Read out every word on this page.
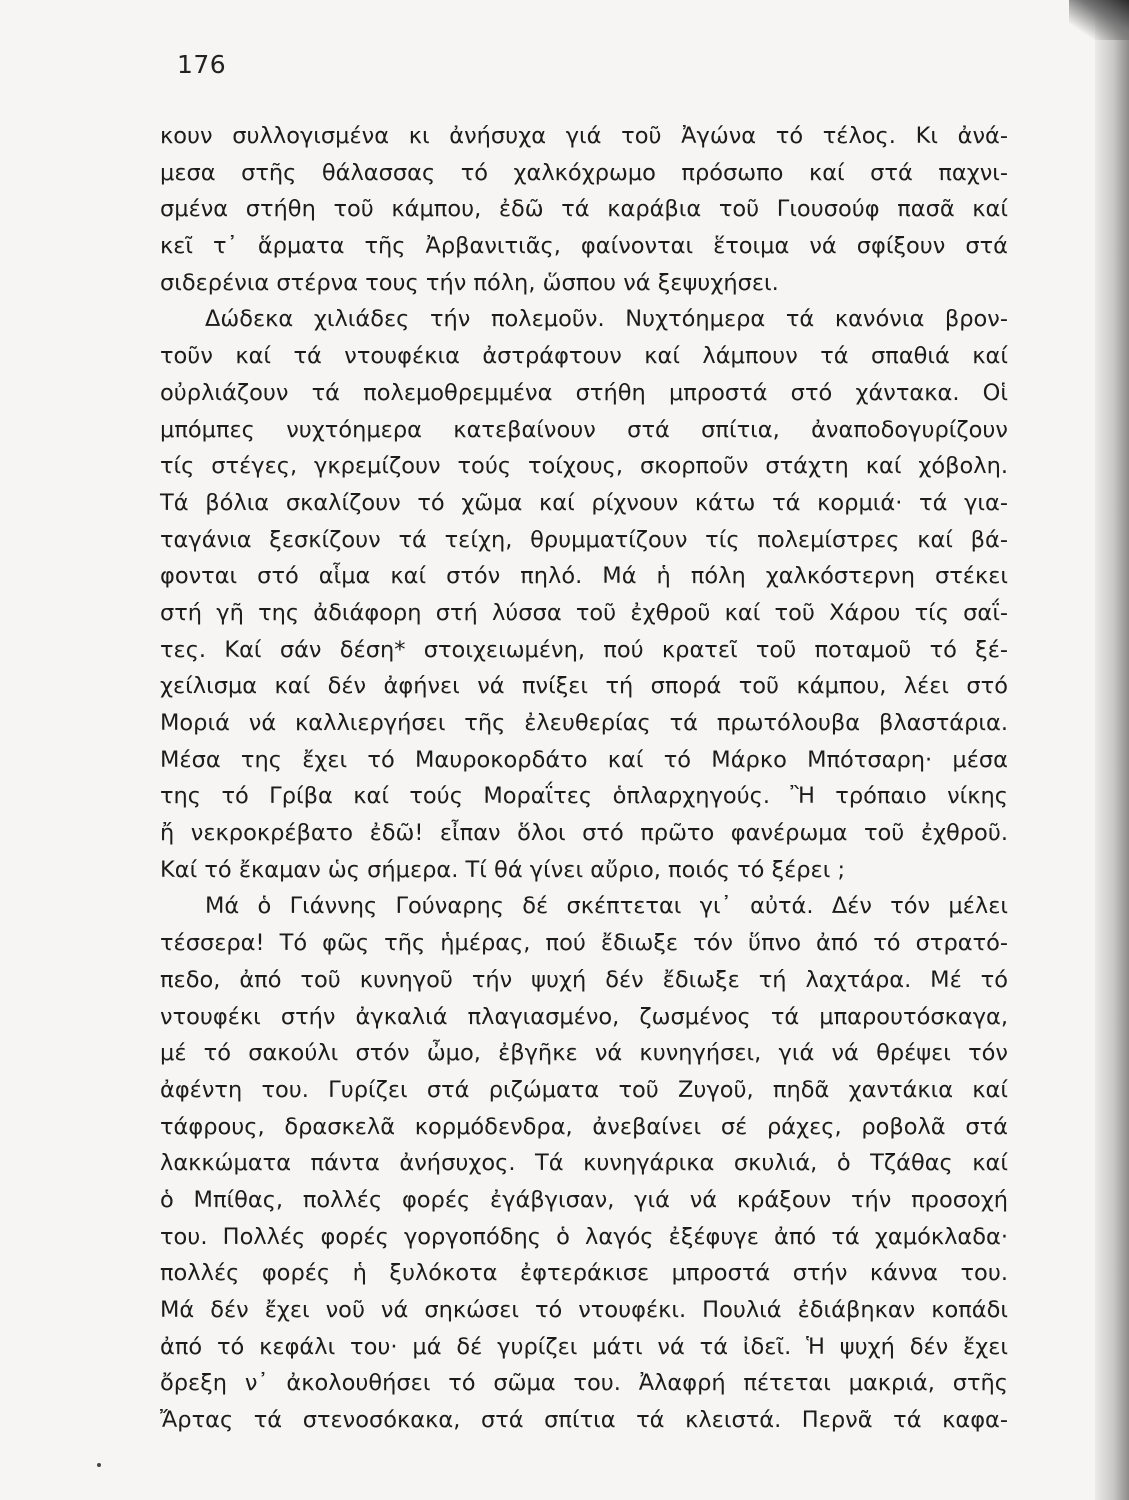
176
κουν συλλογισμένα κι ἀνήσυχα γιά τοῦ Ἀγώνα τό τέλος. Κι ἀνά-
μεσα στῆς θάλασσας τό χαλκόχρωμο πρόσωπο καί στά παχνι-
σμένα στήθη τοῦ κάμπου, ἐδῶ τά καράβια τοῦ Γιουσούφ πασᾶ καί
κεῖ τ᾽ ἅρματα τῆς Ἀρβανιτιᾶς, φαίνονται ἕτοιμα νά σφίξουν στά
σιδερένια στέρνα τους τήν πόλη, ὥσπου νά ξεψυχήσει.
Δώδεκα χιλιάδες τήν πολεμοῦν. Νυχτόημερα τά κανόνια βρον-
τοῦν καί τά ντουφέκια ἀστράφτουν καί λάμπουν τά σπαθιά καί
οὐρλιάζουν τά πολεμοθρεμμένα στήθη μπροστά στό χάντακα. Οἱ
μπόμπες νυχτόημερα κατεβαίνουν στά σπίτια, ἀναποδογυρίζουν
τίς στέγες, γκρεμίζουν τούς τοίχους, σκορποῦν στάχτη καί χόβολη.
Τά βόλια σκαλίζουν τό χῶμα καί ρίχνουν κάτω τά κορμιά· τά για-
ταγάνια ξεσκίζουν τά τείχη, θρυμματίζουν τίς πολεμίστρες καί βά-
φονται στό αἷμα καί στόν πηλό. Μά ἡ πόλη χαλκόστερνη στέκει
στή γῆ της ἀδιάφορη στή λύσσα τοῦ ἐχθροῦ καί τοῦ Χάρου τίς σαΐ-
τες. Καί σάν δέση* στοιχειωμένη, πού κρατεῖ τοῦ ποταμοῦ τό ξέ-
χείλισμα καί δέν ἀφήνει νά πνίξει τή σπορά τοῦ κάμπου, λέει στό
Μοριά νά καλλιεργήσει τῆς ἐλευθερίας τά πρωτόλουβα βλαστάρια.
Μέσα της ἔχει τό Μαυροκορδάτο καί τό Μάρκο Μπότσαρη· μέσα
της τό Γρίβα καί τούς Μοραΐτες ὁπλαρχηγούς. Ἢ τρόπαιο νίκης
ἤ νεκροκρέβατο ἐδῶ! εἶπαν ὅλοι στό πρῶτο φανέρωμα τοῦ ἐχθροῦ.
Καί τό ἔκαμαν ὡς σήμερα. Τί θά γίνει αὔριο, ποιός τό ξέρει ;
Μά ὁ Γιάννης Γούναρης δέ σκέπτεται γι᾽ αὐτά. Δέν τόν μέλει
τέσσερα! Τό φῶς τῆς ἡμέρας, πού ἔδιωξε τόν ὕπνο ἀπό τό στρατό-
πεδο, ἀπό τοῦ κυνηγοῦ τήν ψυχή δέν ἔδιωξε τή λαχτάρα. Μέ τό
ντουφέκι στήν ἀγκαλιά πλαγιασμένο, ζωσμένος τά μπαρουτόσκαγα,
μέ τό σακούλι στόν ὦμο, ἐβγῆκε νά κυνηγήσει, γιά νά θρέψει τόν
ἀφέντη του. Γυρίζει στά ριζώματα τοῦ Ζυγοῦ, πηδᾶ χαντάκια καί
τάφρους, δρασκελᾶ κορμόδενδρα, ἀνεβαίνει σέ ράχες, ροβολᾶ στά
λακκώματα πάντα ἀνήσυχος. Τά κυνηγάρικα σκυλιά, ὁ Τζάθας καί
ὁ Μπίθας, πολλές φορές ἐγάβγισαν, γιά νά κράξουν τήν προσοχή
του. Πολλές φορές γοργοπόδης ὁ λαγός ἐξέφυγε ἀπό τά χαμόκλαδα·
πολλές φορές ἡ ξυλόκοτα ἐφτεράκισε μπροστά στήν κάννα του.
Μά δέν ἔχει νοῦ νά σηκώσει τό ντουφέκι. Πουλιά ἐδιάβηκαν κοπάδι
ἀπό τό κεφάλι του· μά δέ γυρίζει μάτι νά τά ἰδεῖ. Ἡ ψυχή δέν ἔχει
ὄρεξη ν᾽ ἀκολουθήσει τό σῶμα του. Ἀλαφρή πέτεται μακριά, στῆς
Ἄρτας τά στενοσόκακα, στά σπίτια τά κλειστά. Περνᾶ τά καφα-
